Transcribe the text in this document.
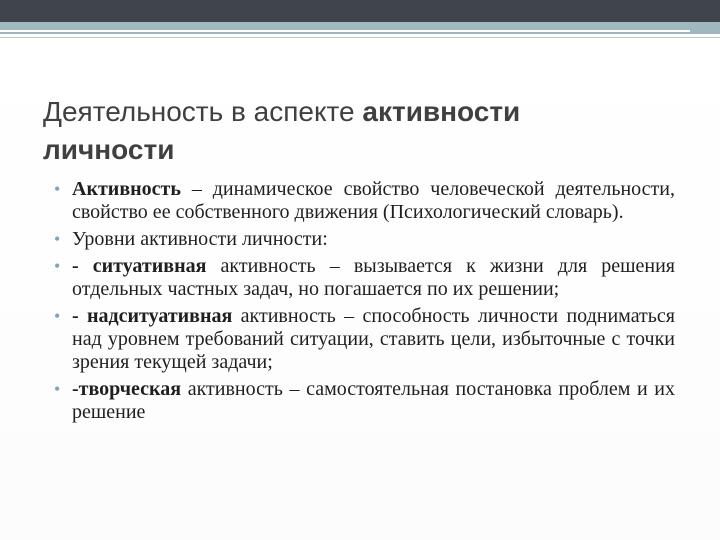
Деятельность в аспекте активности
личности
• Активность – динамическое свойство человеческой деятельности, свойство ее собственного движения (Психологический словарь).
• Уровни активности личности:
• - ситуативная активность – вызывается к жизни для решения отдельных частных задач, но погашается по их решении;
• - надситуативная активность – способность личности подниматься над уровнем требований ситуации, ставить цели, избыточные с точки зрения текущей задачи;
• -творческая активность – самостоятельная постановка проблем и их решение
